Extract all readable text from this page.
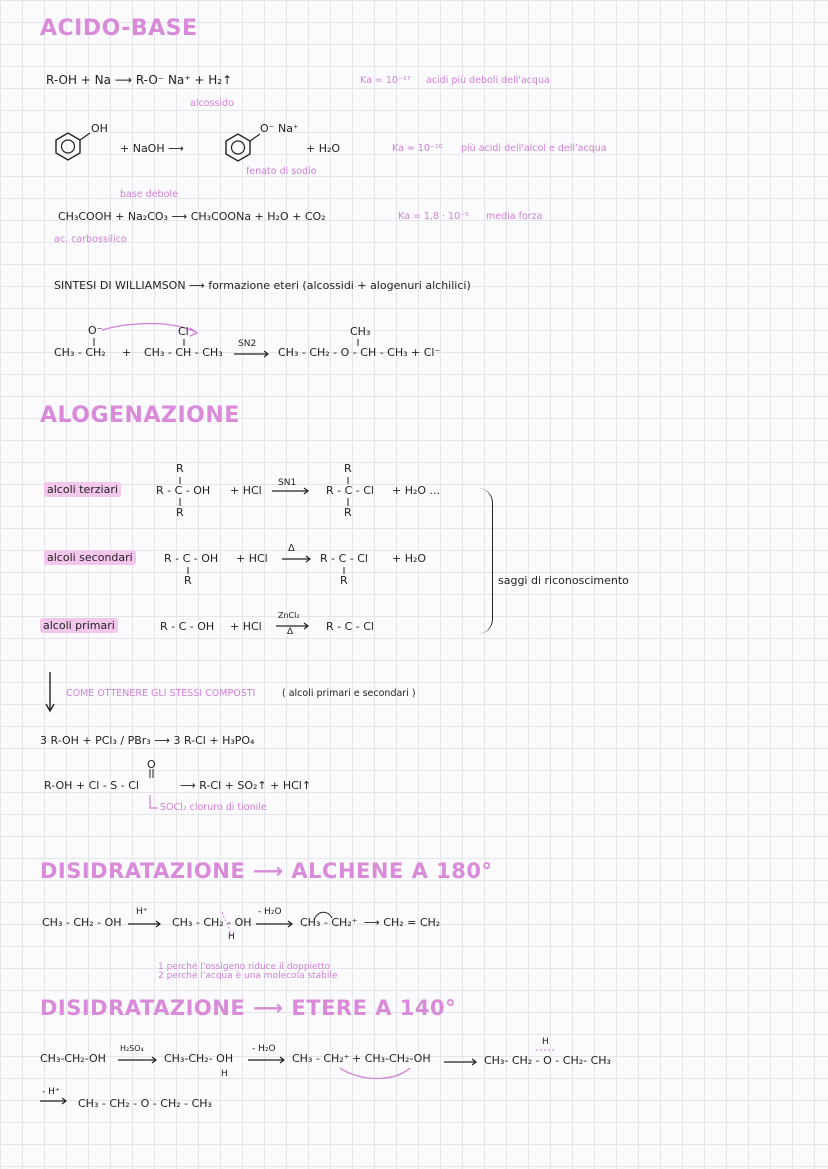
ACIDO-BASE
R-OH + Na ⟶ R-O⁻ Na⁺ + H₂↑
alcossido
Ka = 10⁻¹⁷ acidi più deboli dell'acqua
OH
+ NaOH ⟶
O⁻ Na⁺
+ H₂O
fenato di sodio
Ka ≈ 10⁻¹⁰ più acidi dell'alcol e dell'acqua
base debole
CH₃COOH + Na₂CO₃ ⟶ CH₃COONa + H₂O + CO₂	Ka = 1,8 · 10⁻⁵ media forza
ac. carbossilico
SINTESI DI WILLIAMSON ⟶ formazione eteri (alcossidi + alogenuri alchilici)
O⁻
CH₃ - CH₂ +
Cl
CH₃ - CH - CH₃
SN2
CH₃
CH₃ - CH₂ - O - CH - CH₃ + Cl⁻
ALOGENAZIONE
alcoli terziari
R
R - C - OH
R
+ HCl
SN1
R
R - C - Cl
R
+ H₂O ...
alcoli secondari	R - C - OH
R
+ HCl
Δ
R - C - Cl
R
+ H₂O
alcoli primari	R - C - OH + HCl
ZnCl₂
Δ	R - C - Cl
saggi di riconoscimento
COME OTTENERE GLI STESSI COMPOSTI	( alcoli primari e secondari )
3 R-OH + PCl₃ / PBr₃ ⟶ 3 R-Cl + H₃PO₄
O
R-OH + Cl - S - Cl	⟶ R-Cl + SO₂↑ + HCl↑
SOCl₂ cloruro di tionile
DISIDRATAZIONE ⟶ ALCHENE A 180°
CH₃ - CH₂ - OH
H⁺
CH₃ - CH₂ - OH
H
- H₂O
CH₃ - CH₂⁺ ⟶ CH₂ = CH₂
1 perché l'ossigeno riduce il doppietto
2 perché l'acqua è una molecola stabile
DISIDRATAZIONE ⟶ ETERE A 140°
CH₃-CH₂-OH
H₂SO₄
CH₃-CH₂- OH
H
- H₂O
CH₃ - CH₂⁺ + CH₃-CH₂-OH
H
CH₃- CH₂ - O - CH₂- CH₃
- H⁺
CH₃ - CH₂ - O - CH₂ - CH₃
